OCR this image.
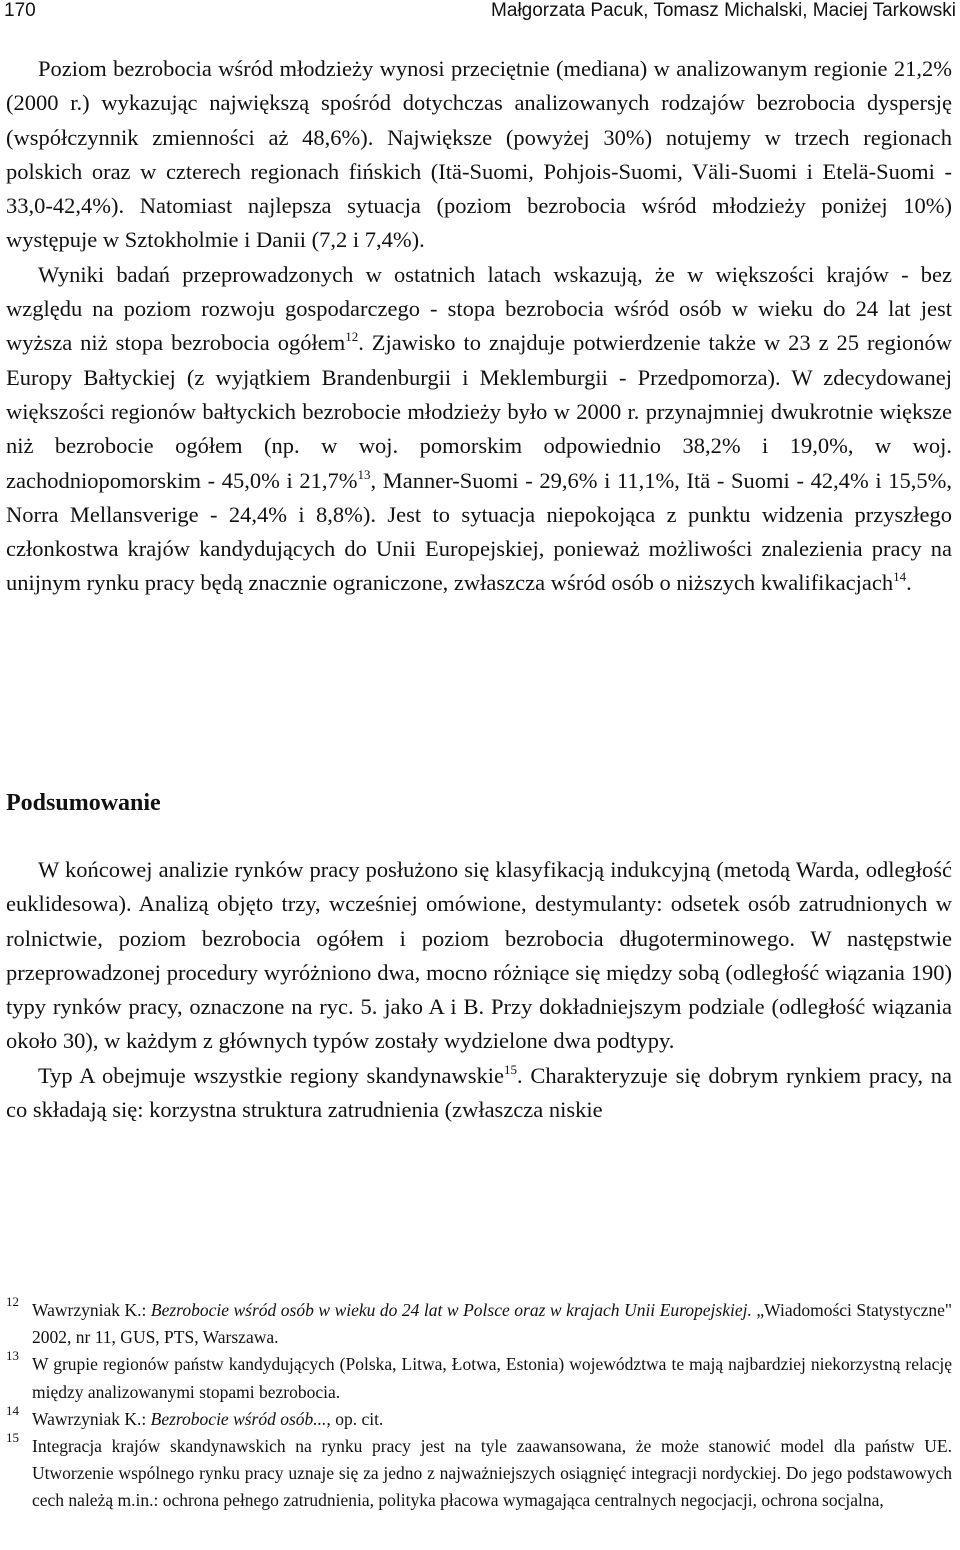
170	Małgorzata Pacuk, Tomasz Michalski, Maciej Tarkowski

Poziom bezrobocia wśród młodzieży wynosi przeciętnie (mediana) w analizowanym regionie 21,2% (2000 r.) wykazując największą spośród dotychczas analizowanych rodzajów bezrobocia dyspersję (współczynnik zmienności aż 48,6%). Największe (powyżej 30%) notujemy w trzech regionach polskich oraz w czterech regionach fińskich (Itä-Suomi, Pohjois-Suomi, Väli-Suomi i Etelä-Suomi - 33,0-42,4%). Natomiast najlepsza sytuacja (poziom bezrobocia wśród młodzieży poniżej 10%) występuje w Sztokholmie i Danii (7,2 i 7,4%).

Wyniki badań przeprowadzonych w ostatnich latach wskazują, że w większości krajów - bez względu na poziom rozwoju gospodarczego - stopa bezrobocia wśród osób w wieku do 24 lat jest wyższa niż stopa bezrobocia ogółem$^{12}$. Zjawisko to znajduje potwierdzenie także w 23 z 25 regionów Europy Bałtyckiej (z wyjątkiem Brandenburgii i Meklemburgii - Przedpomorza). W zdecydowanej większości regionów bałtyckich bezrobocie młodzieży było w 2000 r. przynajmniej dwukrotnie większe niż bezrobocie ogółem (np. w woj. pomorskim odpowiednio 38,2% i 19,0%, w woj. zachodniopomorskim - 45,0% i 21,7%$^{13}$, Manner-Suomi - 29,6% i 11,1%, Itä - Suomi - 42,4% i 15,5%, Norra Mellansverige - 24,4% i 8,8%). Jest to sytuacja niepokojąca z punktu widzenia przyszłego członkostwa krajów kandydujących do Unii Europejskiej, ponieważ możliwości znalezienia pracy na unijnym rynku pracy będą znacznie ograniczone, zwłaszcza wśród osób o niższych kwalifikacjach$^{14}$.

Podsumowanie

W końcowej analizie rynków pracy posłużono się klasyfikacją indukcyjną (metodą Warda, odległość euklidesowa). Analizą objęto trzy, wcześniej omówione, destymulanty: odsetek osób zatrudnionych w rolnictwie, poziom bezrobocia ogółem i poziom bezrobocia długoterminowego. W następstwie przeprowadzonej procedury wyróżniono dwa, mocno różniące się między sobą (odległość wiązania 190) typy rynków pracy, oznaczone na ryc. 5. jako A i B. Przy dokładniejszym podziale (odległość wiązania około 30), w każdym z głównych typów zostały wydzielone dwa podtypy.

Typ A obejmuje wszystkie regiony skandynawskie$^{15}$. Charakteryzuje się dobrym rynkiem pracy, na co składają się: korzystna struktura zatrudnienia (zwłaszcza niskie

12 Wawrzyniak K.: Bezrobocie wśród osób w wieku do 24 lat w Polsce oraz w krajach Unii Europejskiej. „Wiadomości Statystyczne" 2002, nr 11, GUS, PTS, Warszawa.

13 W grupie regionów państw kandydujących (Polska, Litwa, Łotwa, Estonia) województwa te mają najbardziej niekorzystną relację między analizowanymi stopami bezrobocia.

14 Wawrzyniak K.: Bezrobocie wśród osób..., op. cit.

15 Integracja krajów skandynawskich na rynku pracy jest na tyle zaawansowana, że może stanowić model dla państw UE. Utworzenie wspólnego rynku pracy uznaje się za jedno z najważniejszych osiągnięć integracji nordyckiej. Do jego podstawowych cech należą m.in.: ochrona pełnego zatrudnienia, polityka płacowa wymagająca centralnych negocjacji, ochrona socjalna,
